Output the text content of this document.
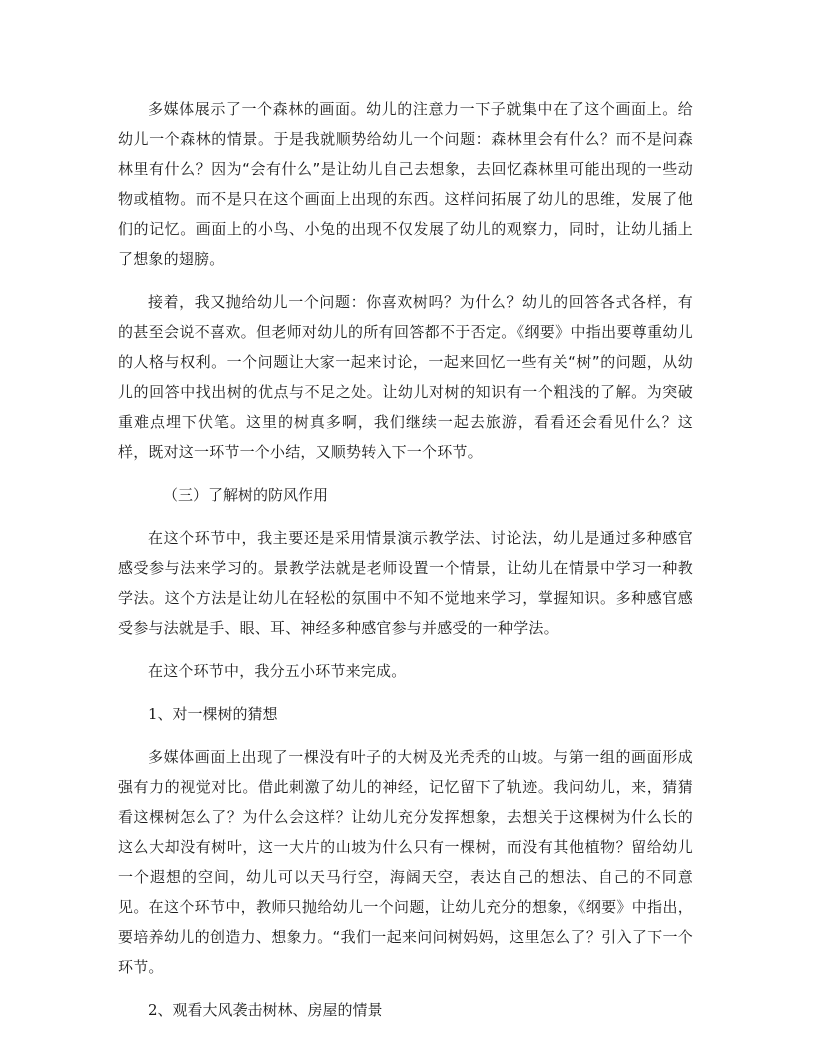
多媒体展示了一个森林的画面。幼儿的注意力一下子就集中在了这个画面上。给幼儿一个森林的情景。于是我就顺势给幼儿一个问题：森林里会有什么？而不是问森林里有什么？因为“会有什么”是让幼儿自己去想象，去回忆森林里可能出现的一些动物或植物。而不是只在这个画面上出现的东西。这样问拓展了幼儿的思维，发展了他们的记忆。画面上的小鸟、小兔的出现不仅发展了幼儿的观察力，同时，让幼儿插上了想象的翅膀。

接着，我又抛给幼儿一个问题：你喜欢树吗？为什么？幼儿的回答各式各样，有的甚至会说不喜欢。但老师对幼儿的所有回答都不于否定。《纲要》中指出要尊重幼儿的人格与权利。一个问题让大家一起来讨论，一起来回忆一些有关“树”的问题，从幼儿的回答中找出树的优点与不足之处。让幼儿对树的知识有一个粗浅的了解。为突破重难点埋下伏笔。这里的树真多啊，我们继续一起去旅游，看看还会看见什么？这样，既对这一环节一个小结，又顺势转入下一个环节。

（三）了解树的防风作用

在这个环节中，我主要还是采用情景演示教学法、讨论法，幼儿是通过多种感官感受参与法来学习的。景教学法就是老师设置一个情景，让幼儿在情景中学习一种教学法。这个方法是让幼儿在轻松的氛围中不知不觉地来学习，掌握知识。多种感官感受参与法就是手、眼、耳、神经多种感官参与并感受的一种学法。

在这个环节中，我分五小环节来完成。

1、对一棵树的猜想

多媒体画面上出现了一棵没有叶子的大树及光秃秃的山坡。与第一组的画面形成强有力的视觉对比。借此刺激了幼儿的神经，记忆留下了轨迹。我问幼儿，来，猜猜看这棵树怎么了？为什么会这样？让幼儿充分发挥想象，去想关于这棵树为什么长的这么大却没有树叶，这一大片的山坡为什么只有一棵树，而没有其他植物？留给幼儿一个遐想的空间，幼儿可以天马行空，海阔天空，表达自己的想法、自己的不同意见。在这个环节中，教师只抛给幼儿一个问题，让幼儿充分的想象，《纲要》中指出，要培养幼儿的创造力、想象力。“我们一起来问问树妈妈，这里怎么了？引入了下一个环节。

2、观看大风袭击树林、房屋的情景
